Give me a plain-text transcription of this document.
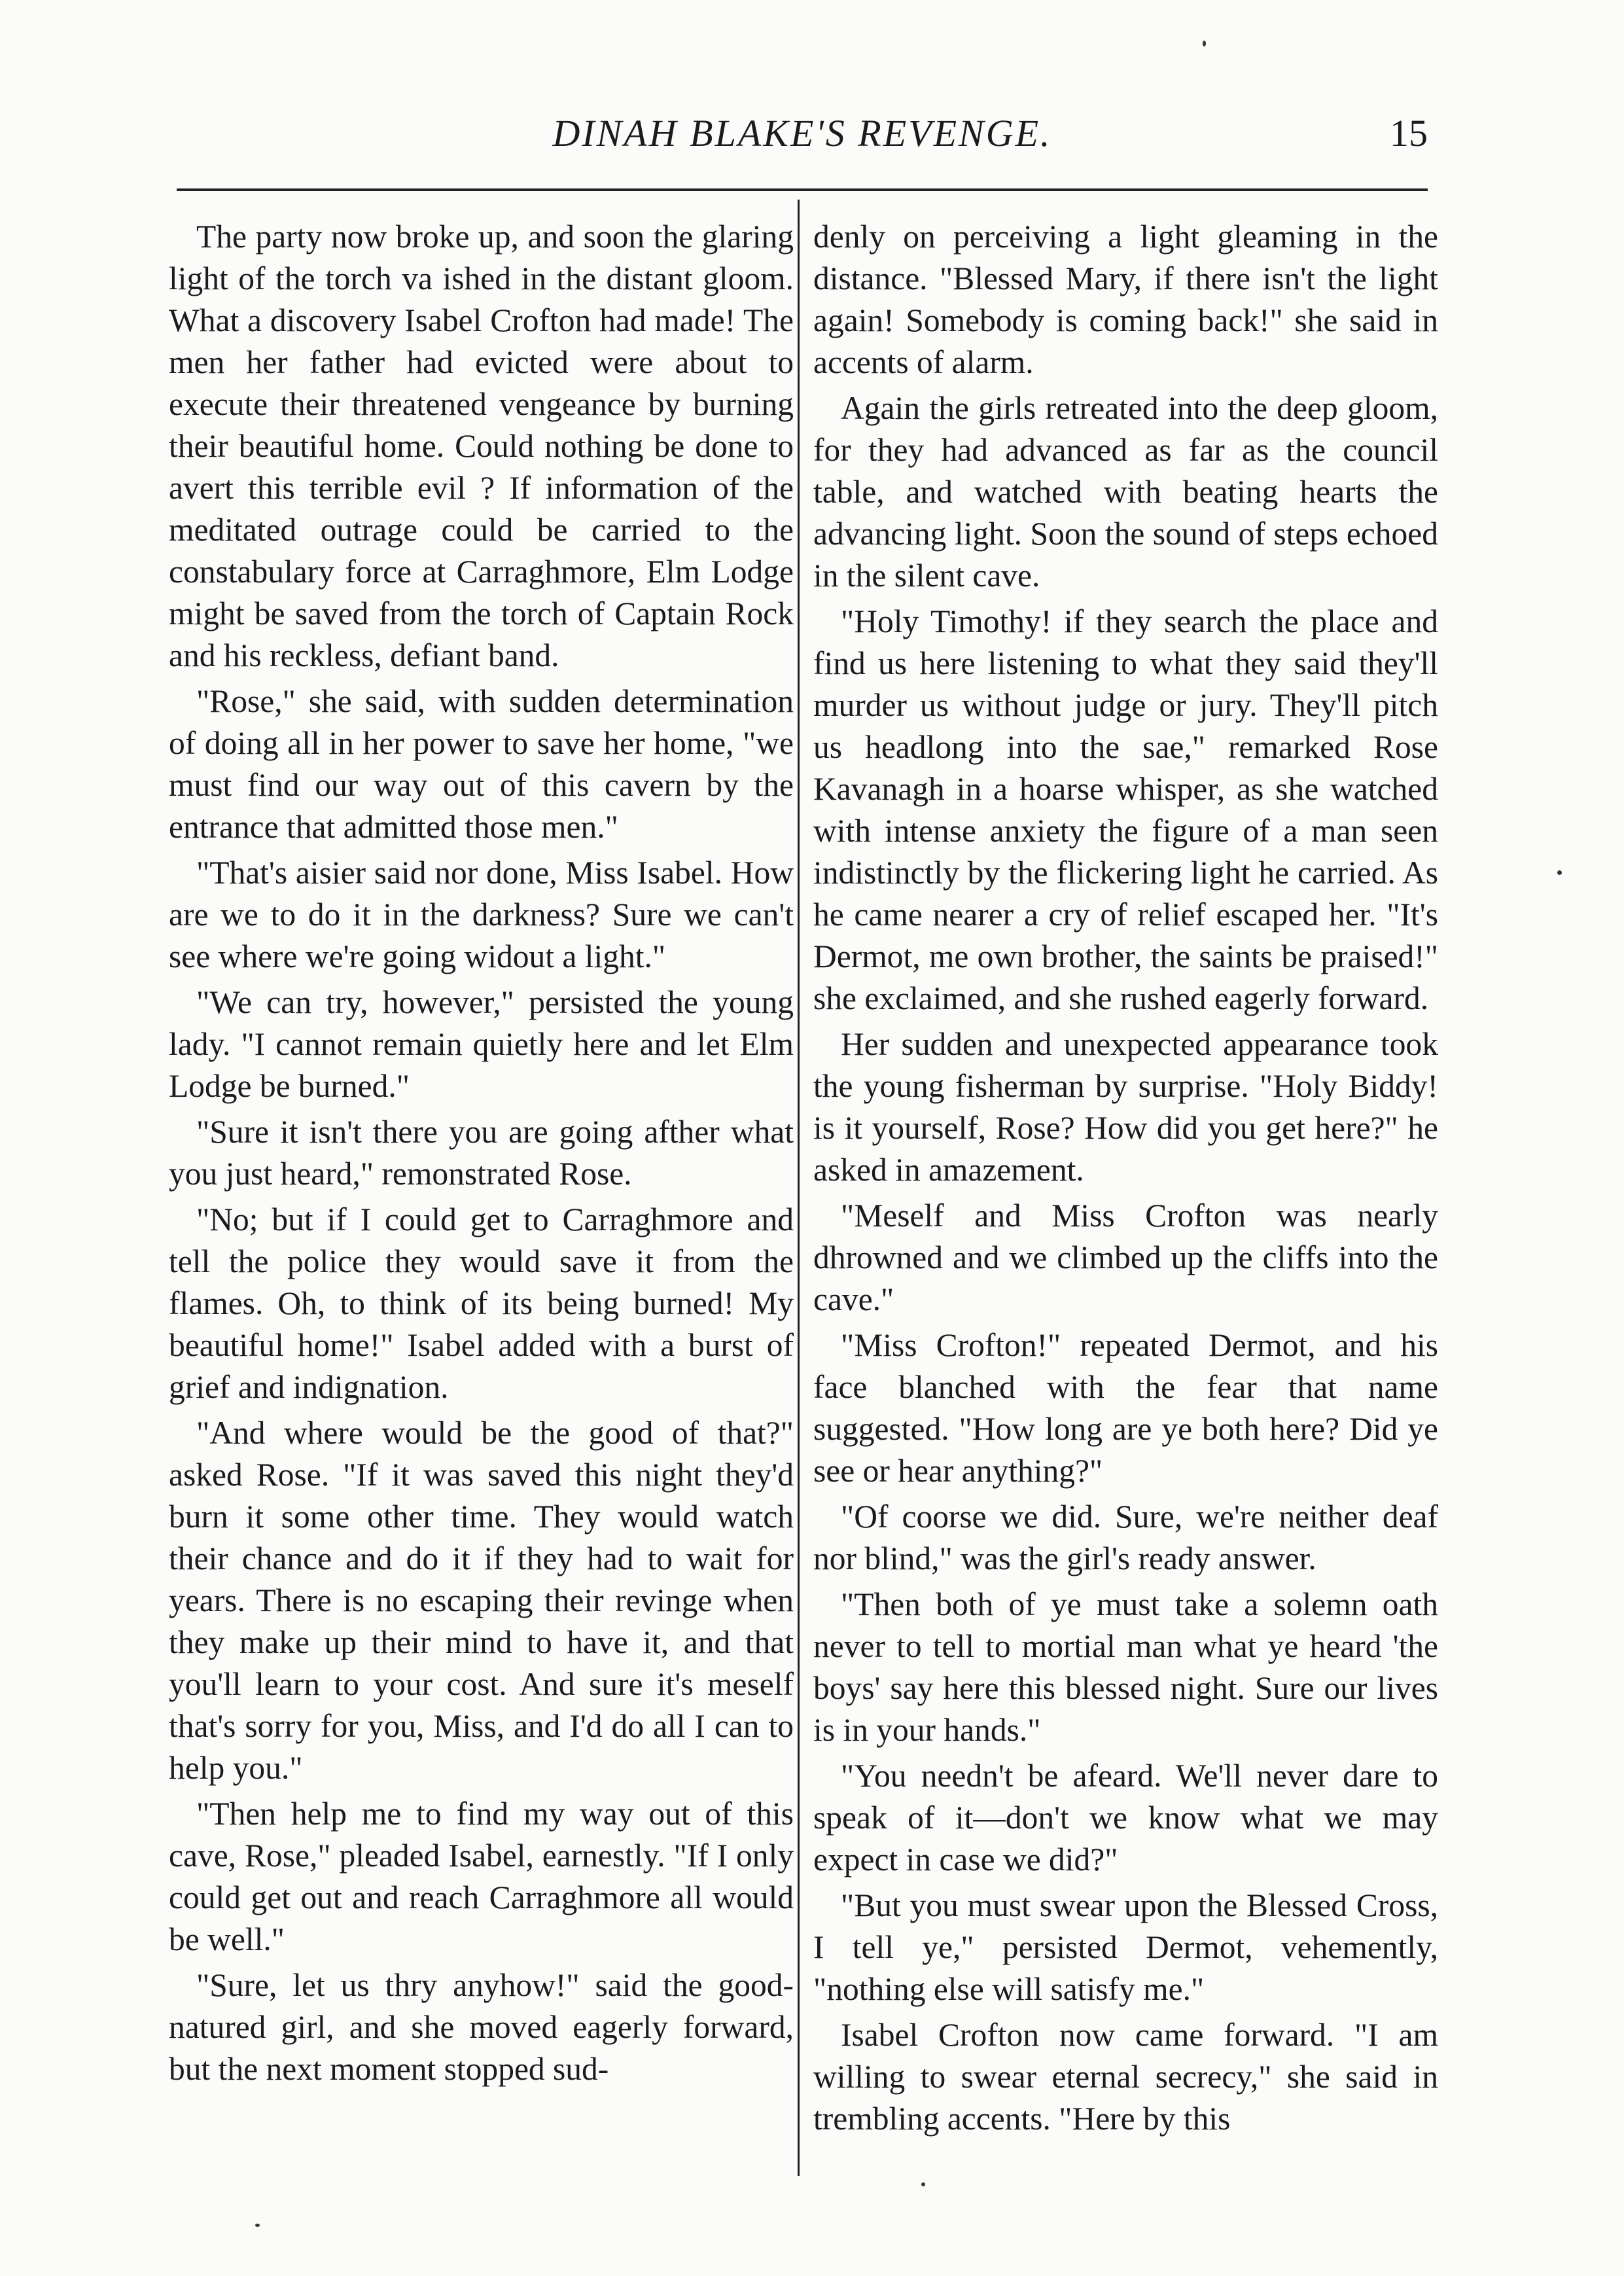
DINAH BLAKE'S REVENGE.	15

The party now broke up, and soon the glaring light of the torch va ished in the distant gloom. What a discovery Isabel Crofton had made! The men her father had evicted were about to execute their threatened vengeance by burning their beautiful home. Could nothing be done to avert this terrible evil ? If information of the meditated outrage could be carried to the constabulary force at Carraghmore, Elm Lodge might be saved from the torch of Captain Rock and his reckless, defiant band.

"Rose," she said, with sudden determination of doing all in her power to save her home, "we must find our way out of this cavern by the entrance that admitted those men."

"That's aisier said nor done, Miss Isabel. How are we to do it in the darkness? Sure we can't see where we're going widout a light."

"We can try, however," persisted the young lady. "I cannot remain quietly here and let Elm Lodge be burned."

"Sure it isn't there you are going afther what you just heard," remonstrated Rose.

"No; but if I could get to Carraghmore and tell the police they would save it from the flames. Oh, to think of its being burned! My beautiful home!" Isabel added with a burst of grief and indignation.

"And where would be the good of that?" asked Rose. "If it was saved this night they'd burn it some other time. They would watch their chance and do it if they had to wait for years. There is no escaping their revinge when they make up their mind to have it, and that you'll learn to your cost. And sure it's meself that's sorry for you, Miss, and I'd do all I can to help you."

"Then help me to find my way out of this cave, Rose," pleaded Isabel, earnestly. "If I only could get out and reach Carraghmore all would be well."

"Sure, let us thry anyhow!" said the good-natured girl, and she moved eagerly forward, but the next moment stopped sud-

denly on perceiving a light gleaming in the distance. "Blessed Mary, if there isn't the light again! Somebody is coming back!" she said in accents of alarm.

Again the girls retreated into the deep gloom, for they had advanced as far as the council table, and watched with beating hearts the advancing light. Soon the sound of steps echoed in the silent cave.

"Holy Timothy! if they search the place and find us here listening to what they said they'll murder us without judge or jury. They'll pitch us headlong into the sae," remarked Rose Kavanagh in a hoarse whisper, as she watched with intense anxiety the figure of a man seen indistinctly by the flickering light he carried. As he came nearer a cry of relief escaped her. "It's Dermot, me own brother, the saints be praised!" she exclaimed, and she rushed eagerly forward.

Her sudden and unexpected appearance took the young fisherman by surprise. "Holy Biddy! is it yourself, Rose? How did you get here?" he asked in amazement.

"Meself and Miss Crofton was nearly dhrowned and we climbed up the cliffs into the cave."

"Miss Crofton!" repeated Dermot, and his face blanched with the fear that name suggested. "How long are ye both here? Did ye see or hear anything?"

"Of coorse we did. Sure, we're neither deaf nor blind," was the girl's ready answer.

"Then both of ye must take a solemn oath never to tell to mortial man what ye heard 'the boys' say here this blessed night. Sure our lives is in your hands."

"You needn't be afeard. We'll never dare to speak of it—don't we know what we may expect in case we did?"

"But you must swear upon the Blessed Cross, I tell ye," persisted Dermot, vehemently, "nothing else will satisfy me."

Isabel Crofton now came forward. "I am willing to swear eternal secrecy," she said in trembling accents. "Here by this
